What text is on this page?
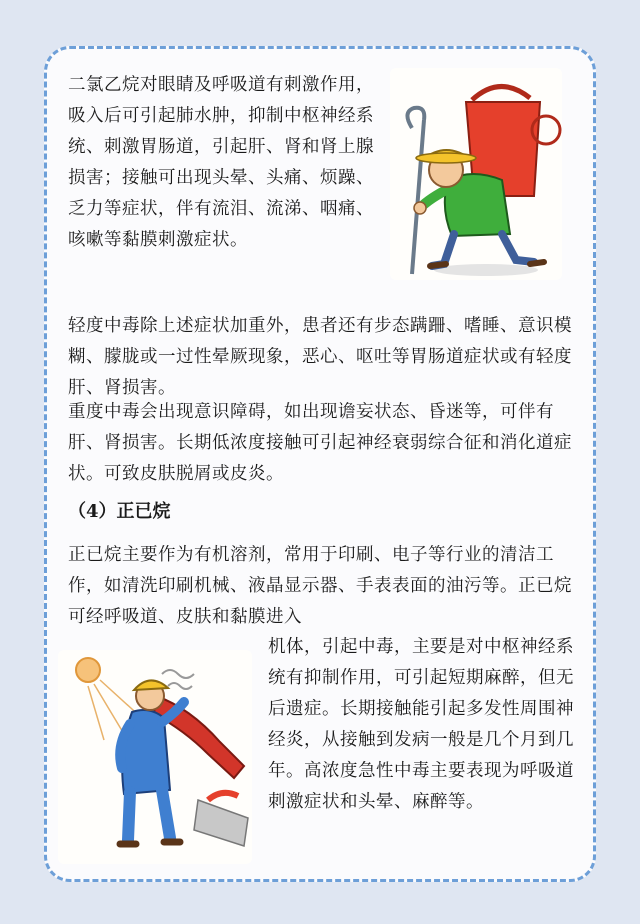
二氯乙烷对眼睛及呼吸道有刺激作用，吸入后可引起肺水肿，抑制中枢神经系统、刺激胃肠道，引起肝、肾和肾上腺损害；接触可出现头晕、头痛、烦躁、乏力等症状，伴有流泪、流涕、咽痛、咳嗽等黏膜刺激症状。

轻度中毒除上述症状加重外，患者还有步态蹒跚、嗜睡、意识模糊、朦胧或一过性晕厥现象，恶心、呕吐等胃肠道症状或有轻度肝、肾损害。

重度中毒会出现意识障碍，如出现谵妄状态、昏迷等，可伴有肝、肾损害。长期低浓度接触可引起神经衰弱综合征和消化道症状。可致皮肤脱屑或皮炎。

（4）正已烷

正已烷主要作为有机溶剂，常用于印刷、电子等行业的清洁工作，如清洗印刷机械、液晶显示器、手表表面的油污等。正已烷可经呼吸道、皮肤和黏膜进入

机体，引起中毒，主要是对中枢神经系统有抑制作用，可引起短期麻醉，但无后遗症。长期接触能引起多发性周围神经炎，从接触到发病一般是几个月到几年。高浓度急性中毒主要表现为呼吸道刺激症状和头晕、麻醉等。
